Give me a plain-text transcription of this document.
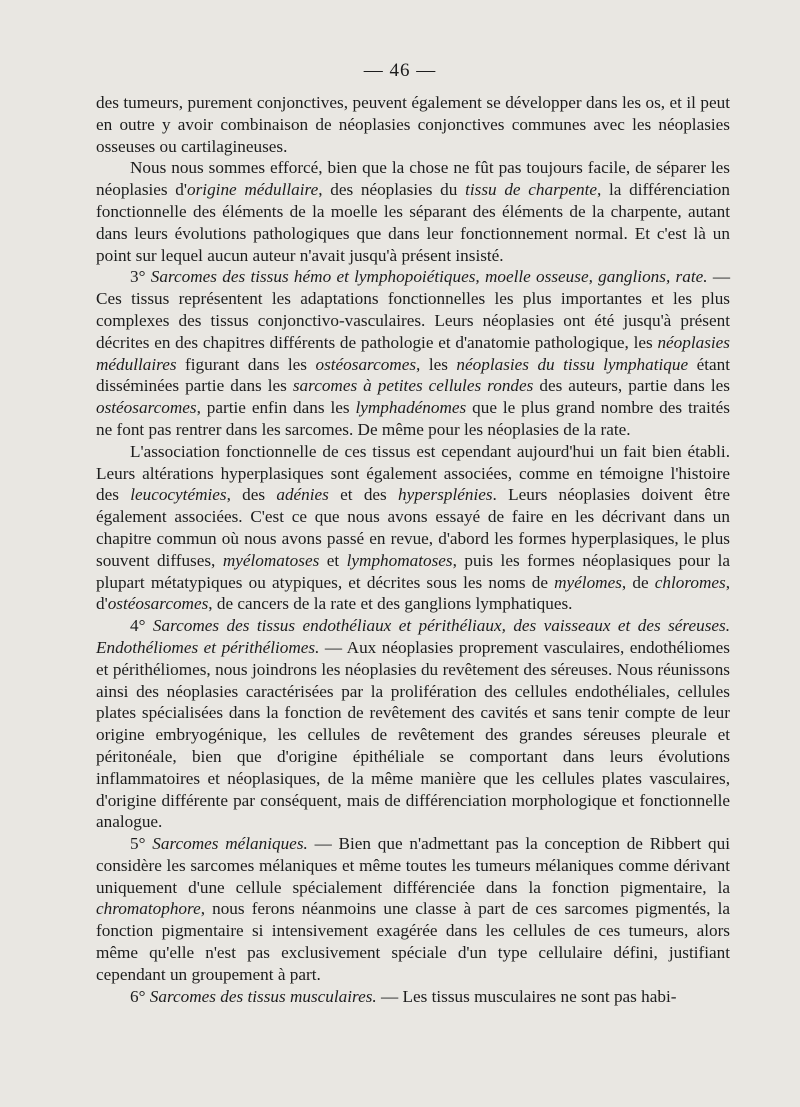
— 46 —

des tumeurs, purement conjonctives, peuvent également se développer dans les os, et il peut en outre y avoir combinaison de néoplasies conjonctives communes avec les néoplasies osseuses ou cartilagineuses.

Nous nous sommes efforcé, bien que la chose ne fût pas toujours facile, de séparer les néoplasies d'origine médullaire, des néoplasies du tissu de charpente, la différenciation fonctionnelle des éléments de la moelle les séparant des éléments de la charpente, autant dans leurs évolutions pathologiques que dans leur fonctionnement normal. Et c'est là un point sur lequel aucun auteur n'avait jusqu'à présent insisté.

3° Sarcomes des tissus hémo et lymphopoiétiques, moelle osseuse, ganglions, rate. — Ces tissus représentent les adaptations fonctionnelles les plus importantes et les plus complexes des tissus conjonctivo-vasculaires. Leurs néoplasies ont été jusqu'à présent décrites en des chapitres différents de pathologie et d'anatomie pathologique, les néoplasies médullaires figurant dans les ostéosarcomes, les néoplasies du tissu lymphatique étant disséminées partie dans les sarcomes à petites cellules rondes des auteurs, partie dans les ostéosarcomes, partie enfin dans les lymphadénomes que le plus grand nombre des traités ne font pas rentrer dans les sarcomes. De même pour les néoplasies de la rate.

L'association fonctionnelle de ces tissus est cependant aujourd'hui un fait bien établi. Leurs altérations hyperplasiques sont également associées, comme en témoigne l'histoire des leucocytémies, des adénies et des hypersplénies. Leurs néoplasies doivent être également associées. C'est ce que nous avons essayé de faire en les décrivant dans un chapitre commun où nous avons passé en revue, d'abord les formes hyperplasiques, le plus souvent diffuses, myélomatoses et lymphomatoses, puis les formes néoplasiques pour la plupart métatypiques ou atypiques, et décrites sous les noms de myélomes, de chloromes, d'ostéosarcomes, de cancers de la rate et des ganglions lymphatiques.

4° Sarcomes des tissus endothéliaux et périthéliaux, des vaisseaux et des séreuses. Endothéliomes et périthéliomes. — Aux néoplasies proprement vasculaires, endothéliomes et périthéliomes, nous joindrons les néoplasies du revêtement des séreuses. Nous réunissons ainsi des néoplasies caractérisées par la prolifération des cellules endothéliales, cellules plates spécialisées dans la fonction de revêtement des cavités et sans tenir compte de leur origine embryogénique, les cellules de revêtement des grandes séreuses pleurale et péritonéale, bien que d'origine épithéliale se comportant dans leurs évolutions inflammatoires et néoplasiques, de la même manière que les cellules plates vasculaires, d'origine différente par conséquent, mais de différenciation morphologique et fonctionnelle analogue.

5° Sarcomes mélaniques. — Bien que n'admettant pas la conception de Ribbert qui considère les sarcomes mélaniques et même toutes les tumeurs mélaniques comme dérivant uniquement d'une cellule spécialement différenciée dans la fonction pigmentaire, la chromatophore, nous ferons néanmoins une classe à part de ces sarcomes pigmentés, la fonction pigmentaire si intensivement exagérée dans les cellules de ces tumeurs, alors même qu'elle n'est pas exclusivement spéciale d'un type cellulaire défini, justifiant cependant un groupement à part.

6° Sarcomes des tissus musculaires. — Les tissus musculaires ne sont pas habi-
